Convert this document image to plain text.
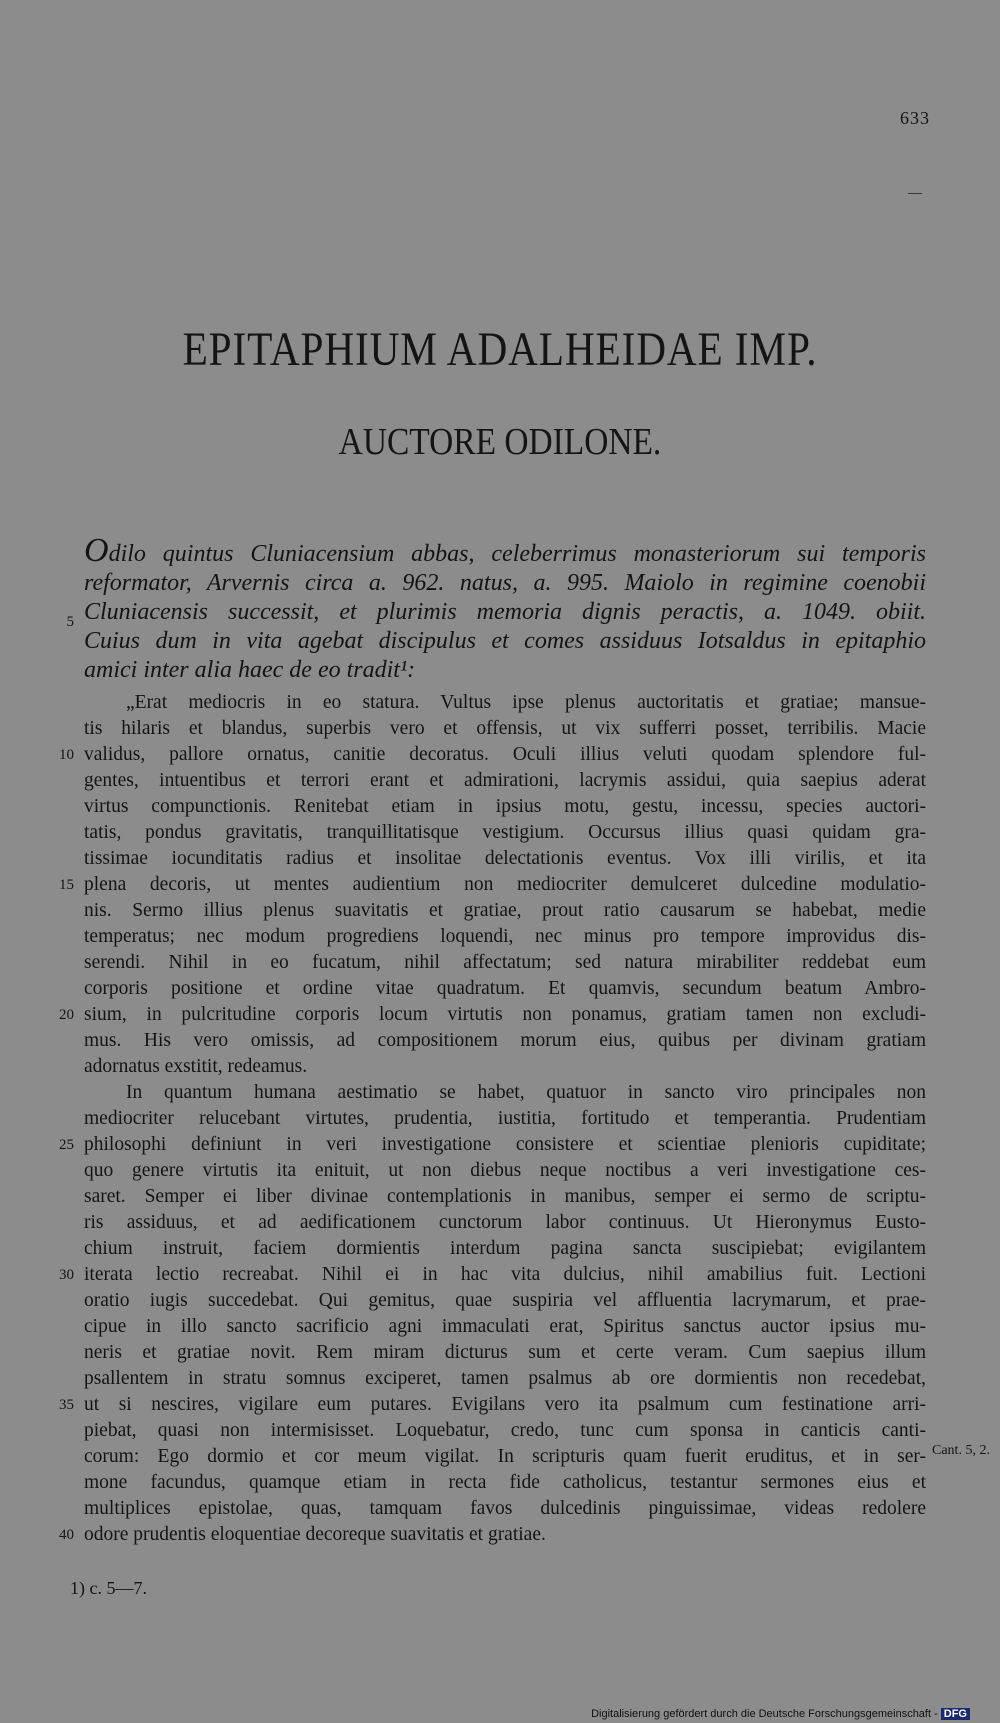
633
EPITAPHIUM ADALHEIDAE IMP.
AUCTORE ODILONE.
Odilo quintus Cluniacensium abbas, celeberrimus monasteriorum sui temporis
reformator, Arvernis circa a. 962. natus, a. 995. Maiolo in regimine coenobii
Cluniacensis successit, et plurimis memoria dignis peractis, a. 1049. obiit.
Cuius dum in vita agebat discipulus et comes assiduus Iotsaldus in epitaphio
amici inter alia haec de eo tradit¹:
5
10
15
20
25
30
35
40
„Erat mediocris in eo statura. Vultus ipse plenus auctoritatis et gratiae; mansue-
tis hilaris et blandus, superbis vero et offensis, ut vix sufferri posset, terribilis. Macie
validus, pallore ornatus, canitie decoratus. Oculi illius veluti quodam splendore ful-
gentes, intuentibus et terrori erant et admirationi, lacrymis assidui, quia saepius aderat
virtus compunctionis. Renitebat etiam in ipsius motu, gestu, incessu, species auctori-
tatis, pondus gravitatis, tranquillitatisque vestigium. Occursus illius quasi quidam gra-
tissimae iocunditatis radius et insolitae delectationis eventus. Vox illi virilis, et ita
plena decoris, ut mentes audientium non mediocriter demulceret dulcedine modulatio-
nis. Sermo illius plenus suavitatis et gratiae, prout ratio causarum se habebat, medie
temperatus; nec modum progrediens loquendi, nec minus pro tempore improvidus dis-
serendi. Nihil in eo fucatum, nihil affectatum; sed natura mirabiliter reddebat eum
corporis positione et ordine vitae quadratum. Et quamvis, secundum beatum Ambro-
sium, in pulcritudine corporis locum virtutis non ponamus, gratiam tamen non excludi-
mus. His vero omissis, ad compositionem morum eius, quibus per divinam gratiam
adornatus exstitit, redeamus.
In quantum humana aestimatio se habet, quatuor in sancto viro principales non
mediocriter relucebant virtutes, prudentia, iustitia, fortitudo et temperantia. Prudentiam
philosophi definiunt in veri investigatione consistere et scientiae plenioris cupiditate;
quo genere virtutis ita enituit, ut non diebus neque noctibus a veri investigatione ces-
saret. Semper ei liber divinae contemplationis in manibus, semper ei sermo de scriptu-
ris assiduus, et ad aedificationem cunctorum labor continuus. Ut Hieronymus Eusto-
chium instruit, faciem dormientis interdum pagina sancta suscipiebat; evigilantem
iterata lectio recreabat. Nihil ei in hac vita dulcius, nihil amabilius fuit. Lectioni
oratio iugis succedebat. Qui gemitus, quae suspiria vel affluentia lacrymarum, et prae-
cipue in illo sancto sacrificio agni immaculati erat, Spiritus sanctus auctor ipsius mu-
neris et gratiae novit. Rem miram dicturus sum et certe veram. Cum saepius illum
psallentem in stratu somnus exciperet, tamen psalmus ab ore dormientis non recedebat,
ut si nescires, vigilare eum putares. Evigilans vero ita psalmum cum festinatione arri-
piebat, quasi non intermisisset. Loquebatur, credo, tunc cum sponsa in canticis canti-
corum: Ego dormio et cor meum vigilat. In scripturis quam fuerit eruditus, et in ser-
mone facundus, quamque etiam in recta fide catholicus, testantur sermones eius et
multiplices epistolae, quas, tamquam favos dulcedinis pinguissimae, videas redolere
odore prudentis eloquentiae decoreque suavitatis et gratiae.
Cant. 5, 2.
1) c. 5—7.
Digitalisierung gefördert durch die Deutsche Forschungsgemeinschaft - DFG
